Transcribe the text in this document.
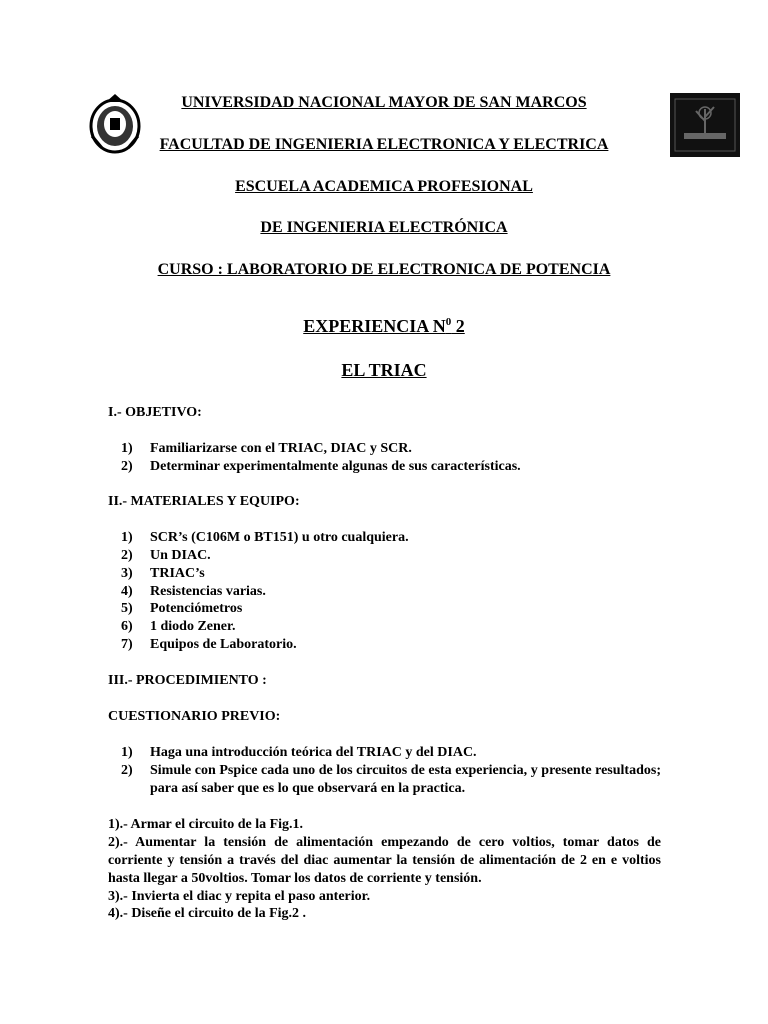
UNIVERSIDAD NACIONAL MAYOR DE SAN MARCOS
FACULTAD DE INGENIERIA ELECTRONICA Y ELECTRICA
ESCUELA ACADEMICA PROFESIONAL
DE INGENIERIA ELECTRÓNICA
CURSO : LABORATORIO DE ELECTRONICA DE POTENCIA
EXPERIENCIA $N^0$ 2
EL TRIAC
I.- OBJETIVO:
1) Familiarizarse con el TRIAC, DIAC y SCR.
2) Determinar experimentalmente algunas de sus características.
II.- MATERIALES Y EQUIPO:
1) SCR’s (C106M o BT151) u otro cualquiera.
2) Un DIAC.
3) TRIAC’s
4) Resistencias varias.
5) Potenciómetros
6) 1 diodo Zener.
7) Equipos de Laboratorio.
III.- PROCEDIMIENTO :
CUESTIONARIO PREVIO:
1) Haga una introducción teórica del TRIAC y del DIAC.
2)	Simule con Pspice cada uno de los circuitos de esta experiencia, y presente resultados; para así saber que es lo que observará en la practica.
1).- Armar el circuito de la Fig.1.
2).- Aumentar la tensión de alimentación empezando de cero voltios, tomar datos de corriente y tensión a través del diac aumentar la tensión de alimentación de 2 en e voltios hasta llegar a 50voltios. Tomar los datos de corriente y tensión.
3).- Invierta el diac y repita el paso anterior.
4).- Diseñe el circuito de la Fig.2 .
